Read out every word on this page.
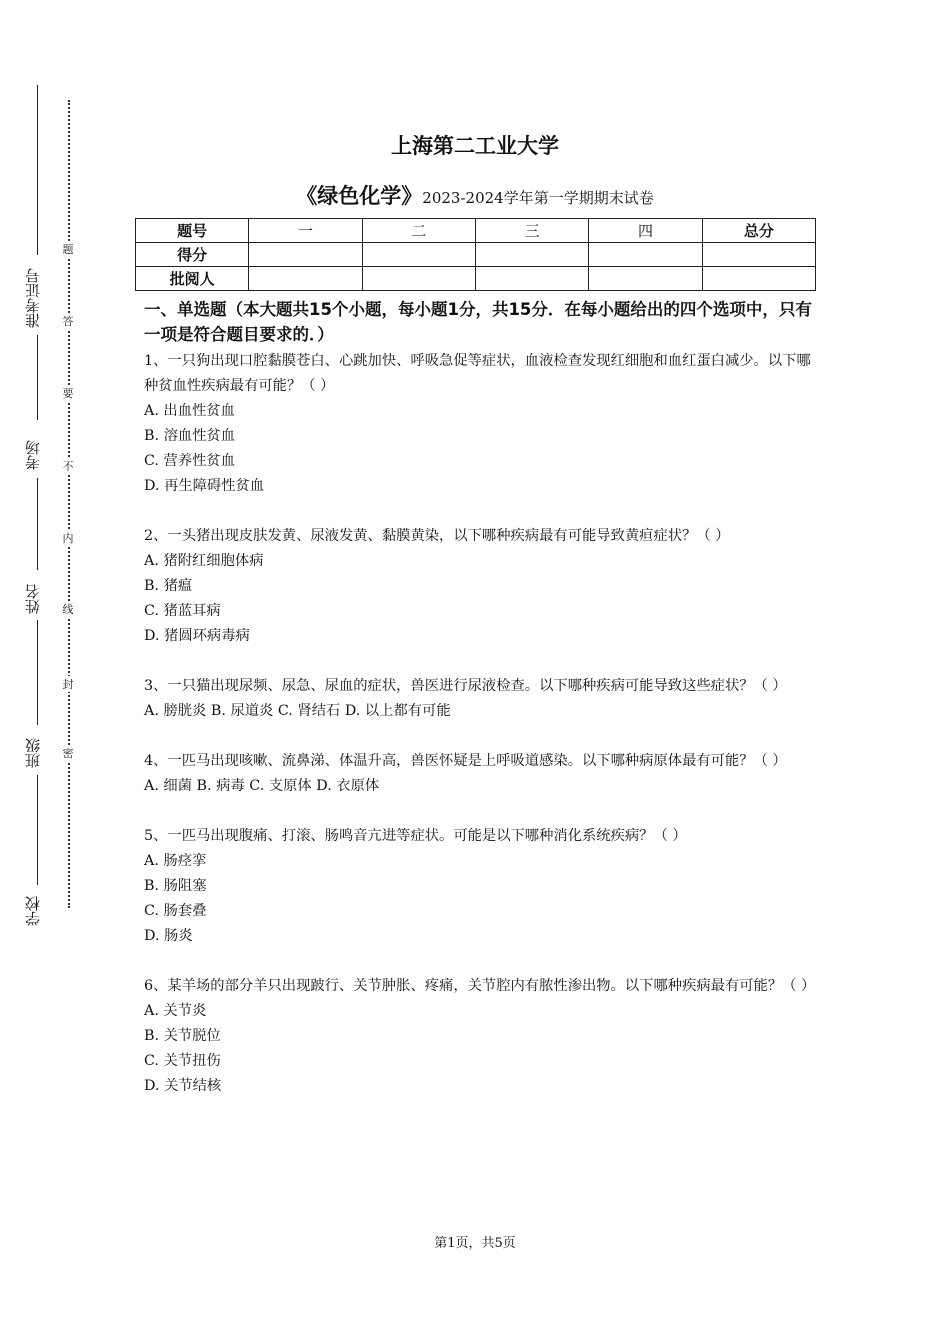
准考证号
考场
姓名
班级
学校
密
封
线
内
不
要
答
题
上海第二工业大学
《绿色化学》2023-2024学年第一学期期末试卷
题号	一	二	三	四	总分
得分					
批阅人					

一、单选题（本大题共15个小题，每小题1分，共15分．在每小题给出的四个选项中，只有一项是符合题目要求的．）

1、一只狗出现口腔黏膜苍白、心跳加快、呼吸急促等症状，血液检查发现红细胞和血红蛋白减少。以下哪种贫血性疾病最有可能？（ ）

A. 出血性贫血

B. 溶血性贫血

C. 营养性贫血

D. 再生障碍性贫血

2、一头猪出现皮肤发黄、尿液发黄、黏膜黄染，以下哪种疾病最有可能导致黄疸症状？（ ）

A. 猪附红细胞体病

B. 猪瘟

C. 猪蓝耳病

D. 猪圆环病毒病

3、一只猫出现尿频、尿急、尿血的症状，兽医进行尿液检查。以下哪种疾病可能导致这些症状？（ ）

A. 膀胱炎 B. 尿道炎 C. 肾结石 D. 以上都有可能

4、一匹马出现咳嗽、流鼻涕、体温升高，兽医怀疑是上呼吸道感染。以下哪种病原体最有可能？（ ）

A. 细菌 B. 病毒 C. 支原体 D. 衣原体

5、一匹马出现腹痛、打滚、肠鸣音亢进等症状。可能是以下哪种消化系统疾病？（ ）

A. 肠痉挛

B. 肠阻塞

C. 肠套叠

D. 肠炎

6、某羊场的部分羊只出现跛行、关节肿胀、疼痛，关节腔内有脓性渗出物。以下哪种疾病最有可能？（ ）

A. 关节炎

B. 关节脱位

C. 关节扭伤

D. 关节结核

第1页，共5页
